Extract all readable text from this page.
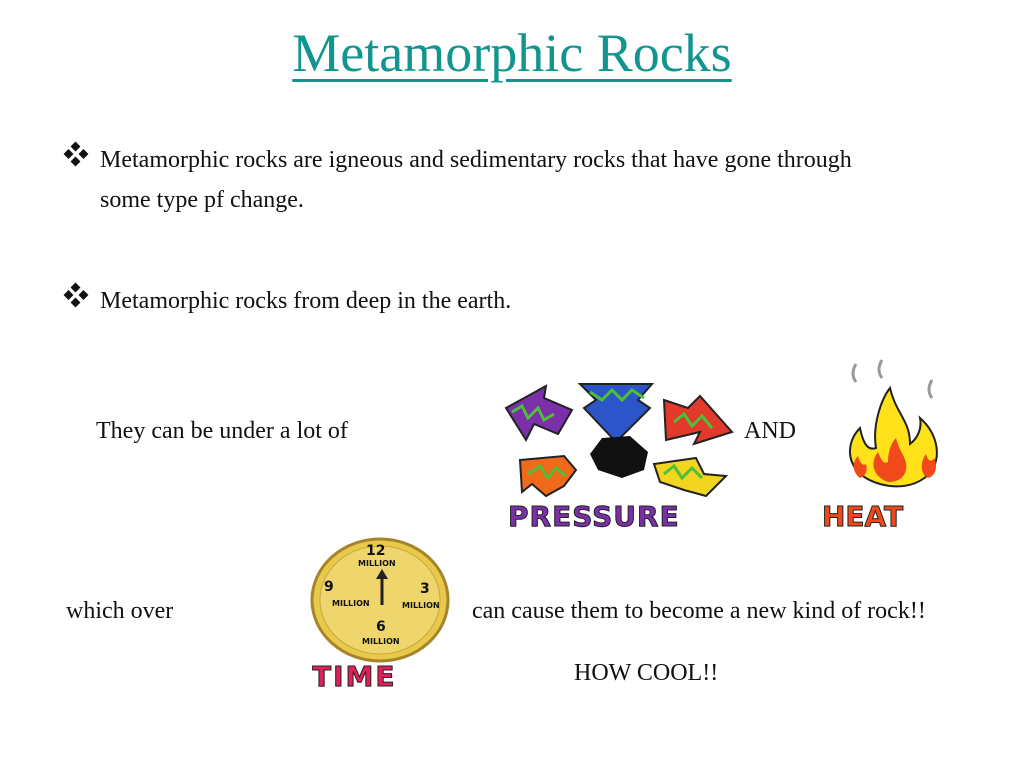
Metamorphic Rocks
Metamorphic rocks are igneous and sedimentary rocks that have gone through
some type pf change.
Metamorphic rocks from deep in the earth.
They can be under a lot of	AND
PRESSURE	HEAT
which over	can cause them to become a new kind of rock!!
12
MILLION
3
MILLION
6
MILLION
9
MILLION
TIME	HOW COOL!!
